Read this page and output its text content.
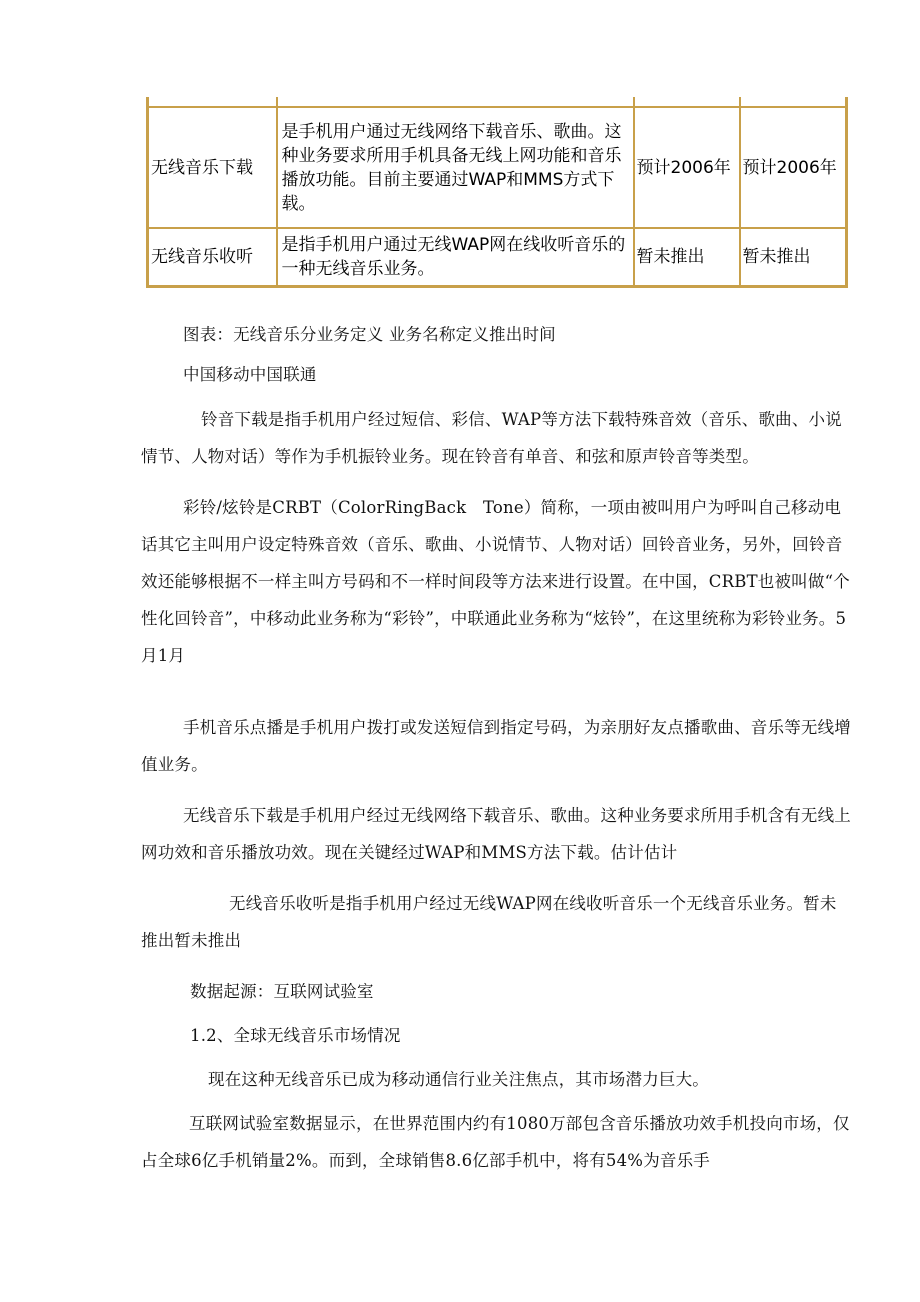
无线音乐下载	是手机用户通过无线网络下载音乐、歌曲。这种业务要求所用手机具备无线上网功能和音乐播放功能。目前主要通过WAP和MMS方式下载。	预计2006年	预计2006年
无线音乐收听	是指手机用户通过无线WAP网在线收听音乐的一种无线音乐业务。	暂未推出	暂未推出

图表：无线音乐分业务定义 业务名称定义推出时间

中国移动中国联通

铃音下载是指手机用户经过短信、彩信、WAP等方法下载特殊音效（音乐、歌曲、小说情节、人物对话）等作为手机振铃业务。现在铃音有单音、和弦和原声铃音等类型。

彩铃/炫铃是CRBT（ColorRingBack　Tone）简称，一项由被叫用户为呼叫自己移动电话其它主叫用户设定特殊音效（音乐、歌曲、小说情节、人物对话）回铃音业务，另外，回铃音效还能够根据不一样主叫方号码和不一样时间段等方法来进行设置。在中国，CRBT也被叫做“个性化回铃音”，中移动此业务称为“彩铃”，中联通此业务称为“炫铃”，在这里统称为彩铃业务。5月1月

手机音乐点播是手机用户拨打或发送短信到指定号码，为亲朋好友点播歌曲、音乐等无线增值业务。

无线音乐下载是手机用户经过无线网络下载音乐、歌曲。这种业务要求所用手机含有无线上网功效和音乐播放功效。现在关键经过WAP和MMS方法下载。估计估计

无线音乐收听是指手机用户经过无线WAP网在线收听音乐一个无线音乐业务。暂未推出暂未推出

数据起源：互联网试验室

1.2、全球无线音乐市场情况

现在这种无线音乐已成为移动通信行业关注焦点，其市场潜力巨大。

互联网试验室数据显示，在世界范围内约有1080万部包含音乐播放功效手机投向市场，仅占全球6亿手机销量2%。而到，全球销售8.6亿部手机中，将有54%为音乐手
